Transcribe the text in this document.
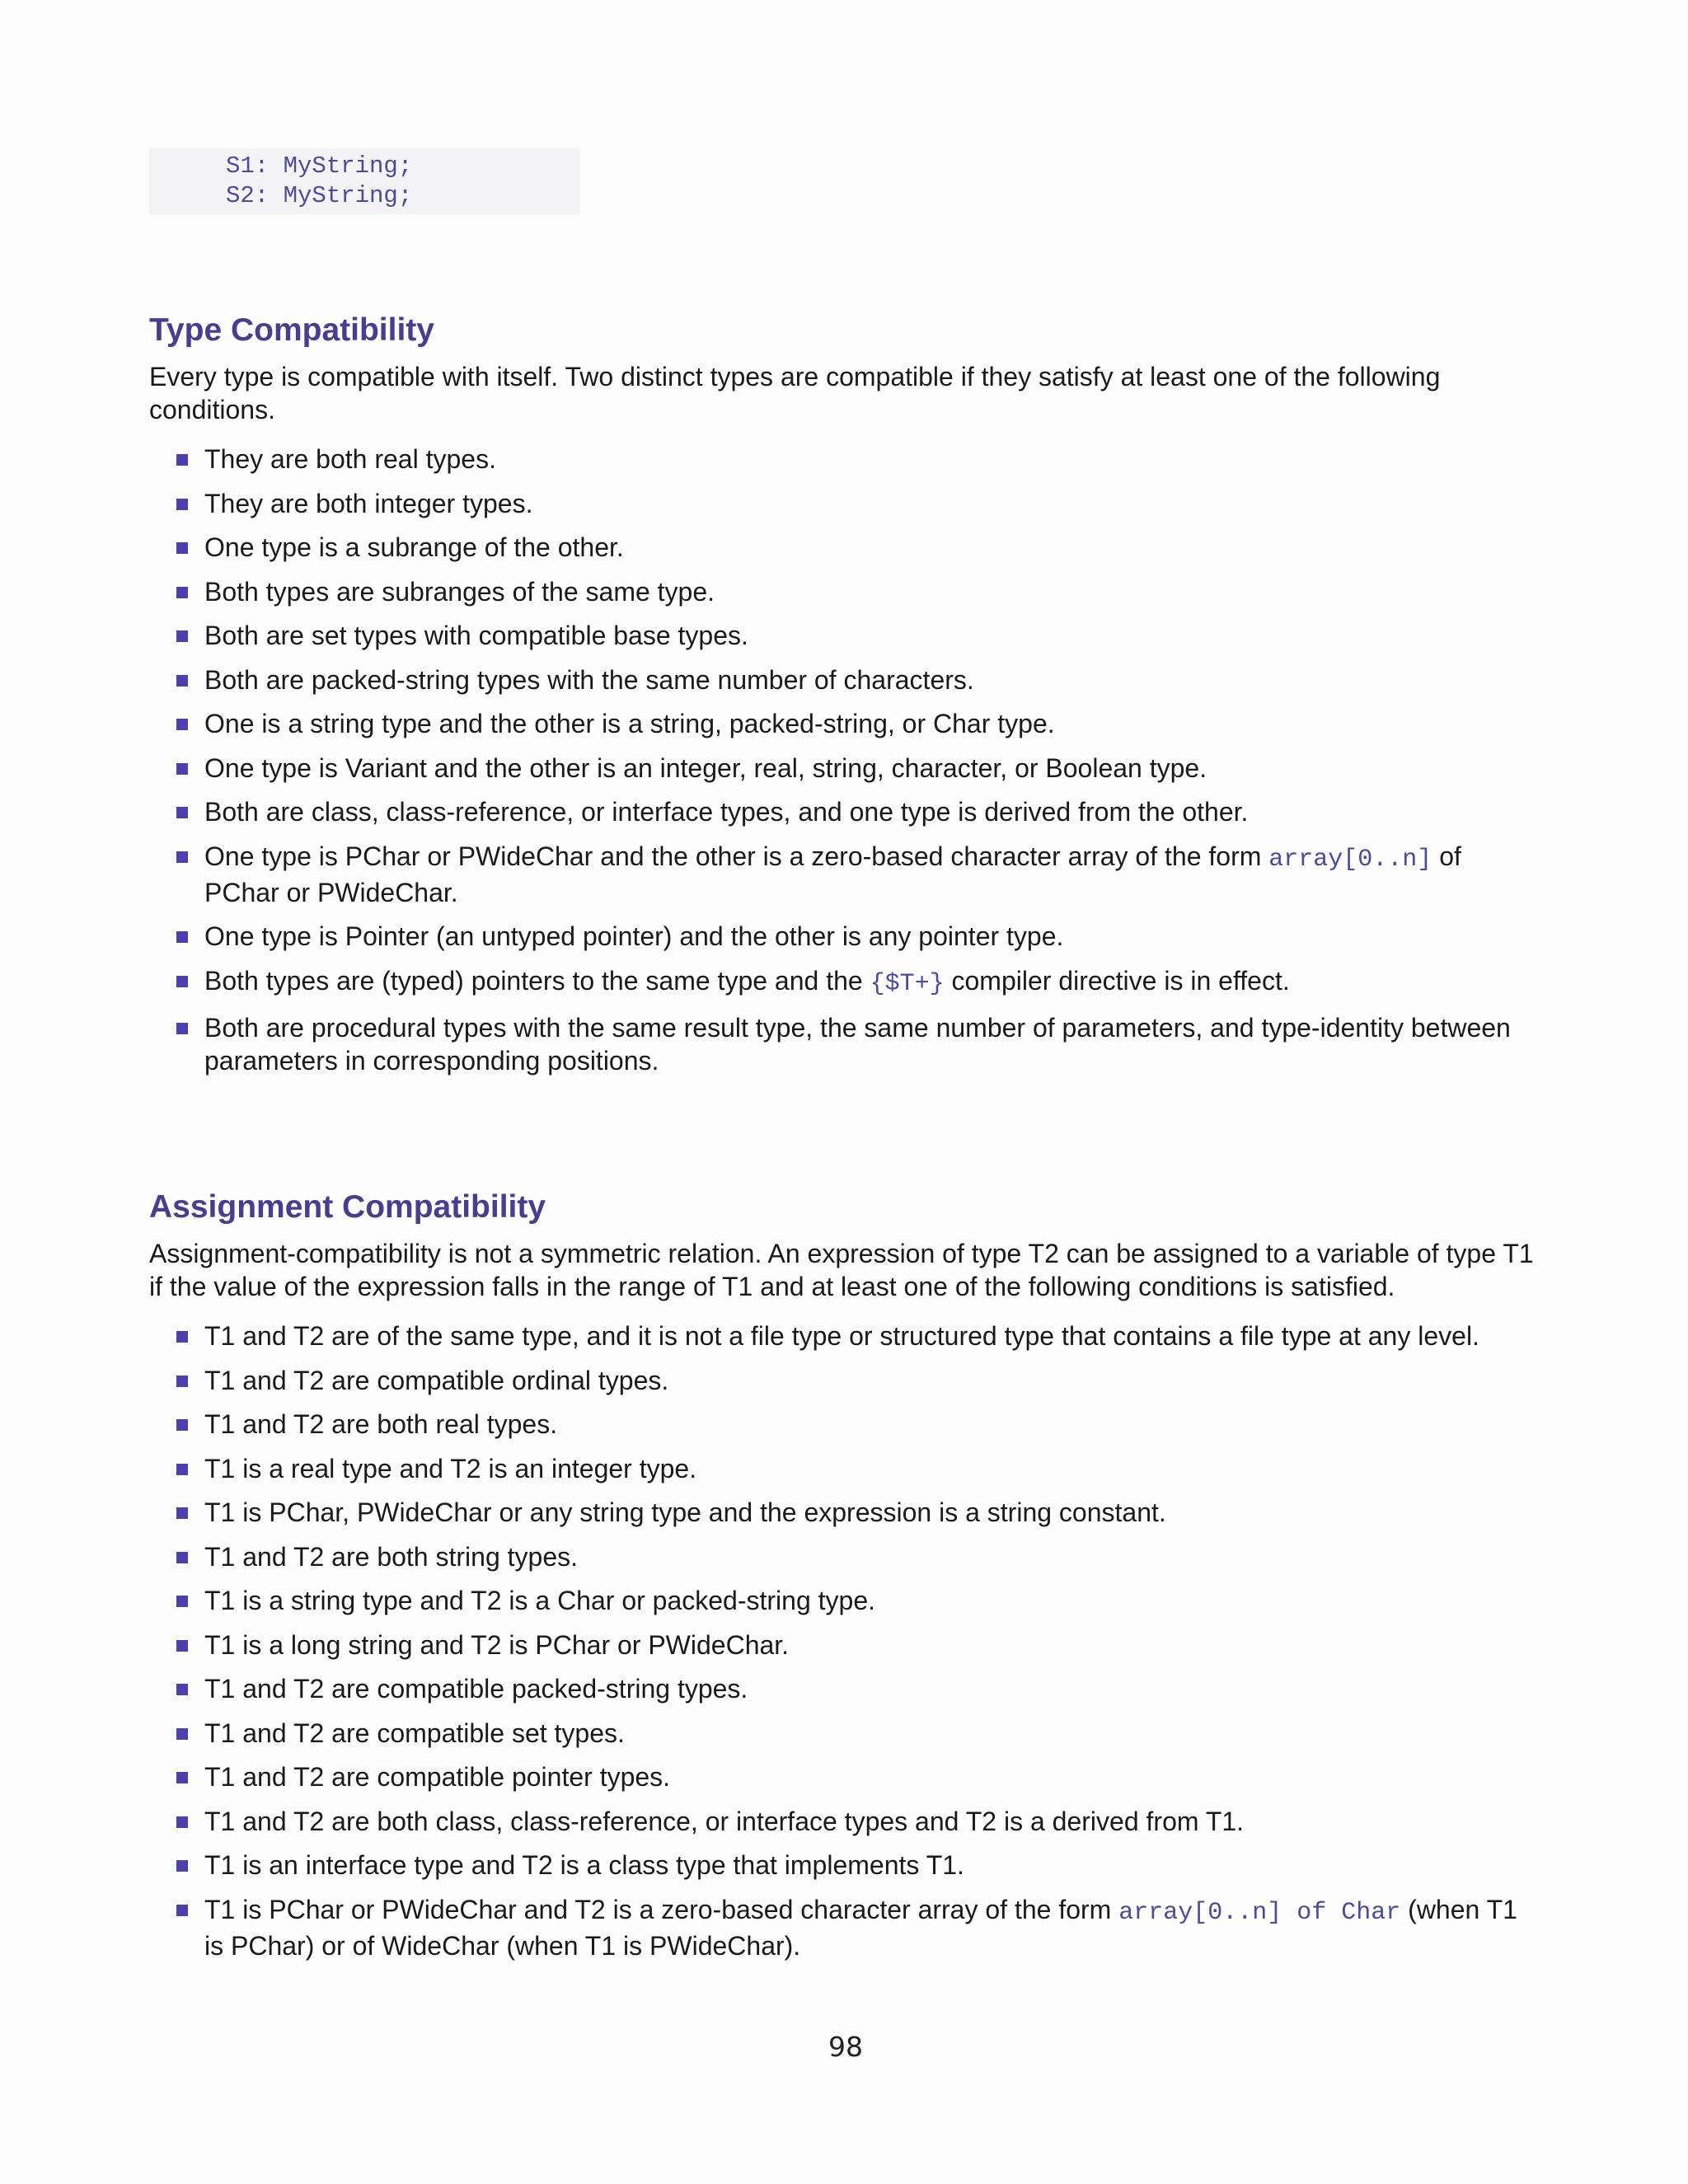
S1: MyString;
S2: MyString;
Type Compatibility

Every type is compatible with itself. Two distinct types are compatible if they satisfy at least one of the following conditions.

They are both real types.
They are both integer types.
One type is a subrange of the other.
Both types are subranges of the same type.
Both are set types with compatible base types.
Both are packed-string types with the same number of characters.
One is a string type and the other is a string, packed-string, or Char type.
One type is Variant and the other is an integer, real, string, character, or Boolean type.
Both are class, class-reference, or interface types, and one type is derived from the other.
One type is PChar or PWideChar and the other is a zero-based character array of the form array[0..n] of PChar or PWideChar.
One type is Pointer (an untyped pointer) and the other is any pointer type.
Both types are (typed) pointers to the same type and the {$T+} compiler directive is in effect.
Both are procedural types with the same result type, the same number of parameters, and type-identity between parameters in corresponding positions.
Assignment Compatibility

Assignment-compatibility is not a symmetric relation. An expression of type T2 can be assigned to a variable of type T1 if the value of the expression falls in the range of T1 and at least one of the following conditions is satisfied.

T1 and T2 are of the same type, and it is not a file type or structured type that contains a file type at any level.
T1 and T2 are compatible ordinal types.
T1 and T2 are both real types.
T1 is a real type and T2 is an integer type.
T1 is PChar, PWideChar or any string type and the expression is a string constant.
T1 and T2 are both string types.
T1 is a string type and T2 is a Char or packed-string type.
T1 is a long string and T2 is PChar or PWideChar.
T1 and T2 are compatible packed-string types.
T1 and T2 are compatible set types.
T1 and T2 are compatible pointer types.
T1 and T2 are both class, class-reference, or interface types and T2 is a derived from T1.
T1 is an interface type and T2 is a class type that implements T1.
T1 is PChar or PWideChar and T2 is a zero-based character array of the form array[0..n] of Char (when T1 is PChar) or of WideChar (when T1 is PWideChar).
98
